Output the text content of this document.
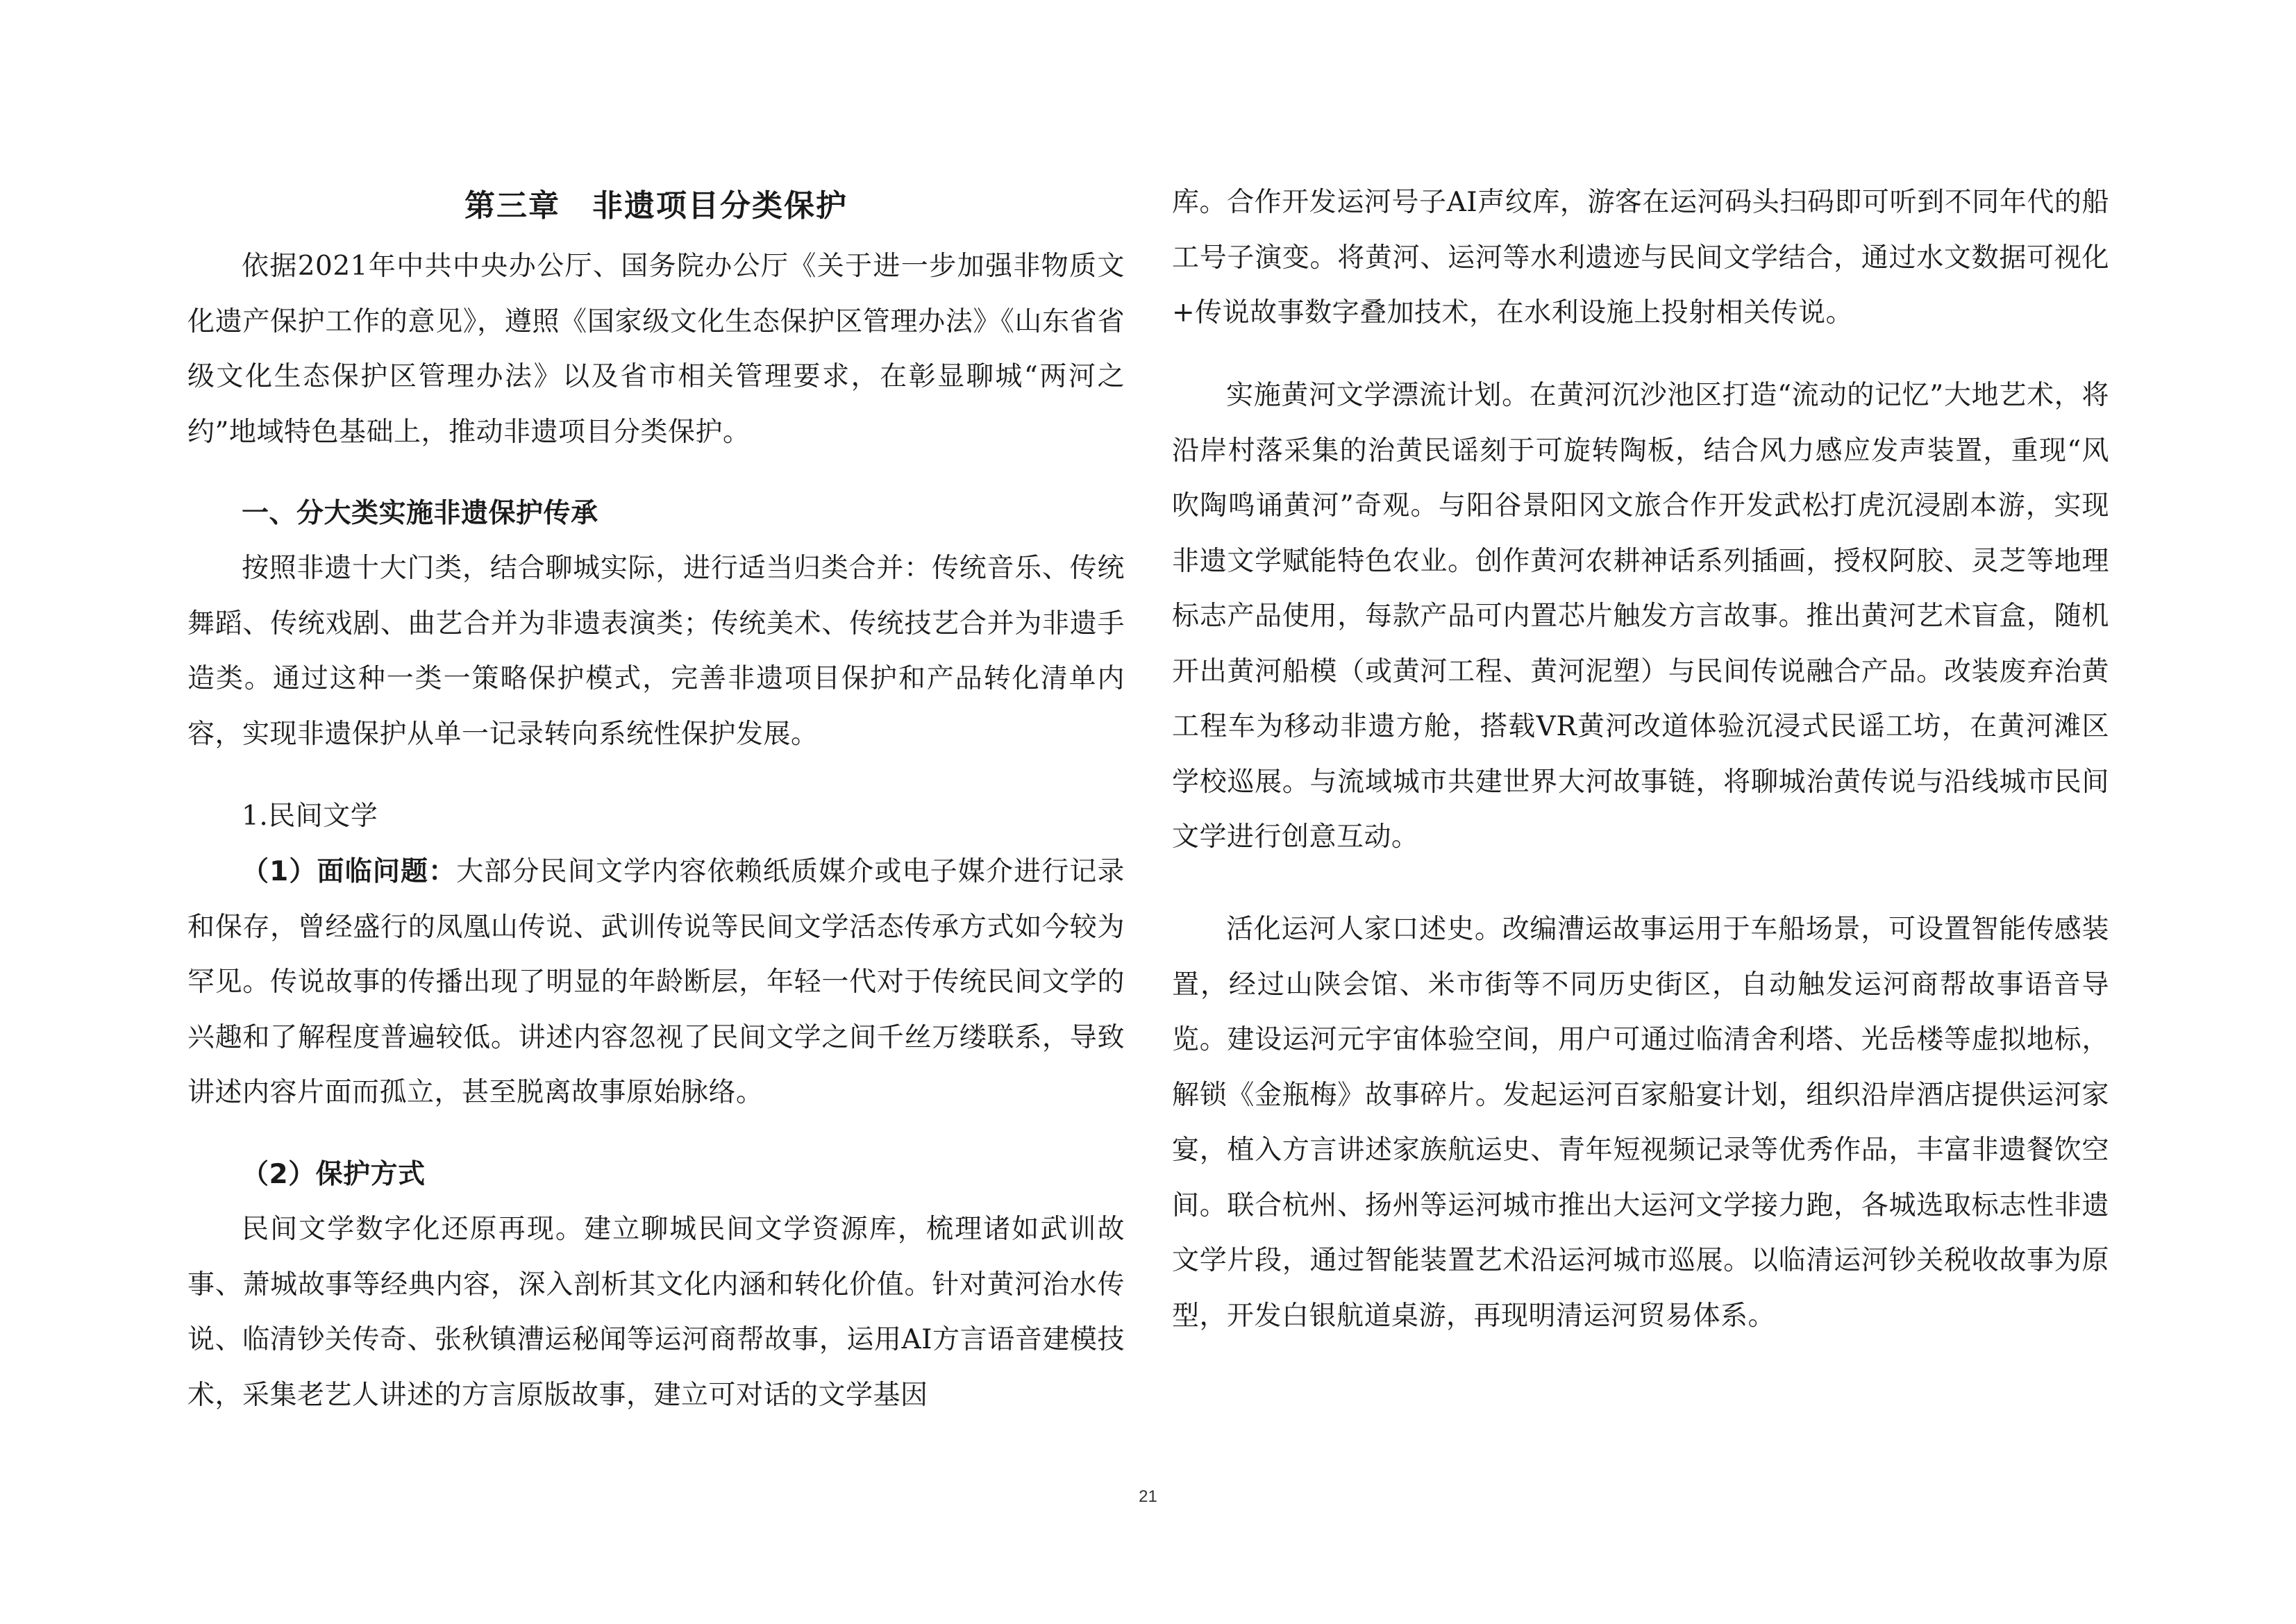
第三章　非遗项目分类保护

依据2021年中共中央办公厅、国务院办公厅《关于进一步加强非物质文化遗产保护工作的意见》，遵照《国家级文化生态保护区管理办法》《山东省省级文化生态保护区管理办法》以及省市相关管理要求，在彰显聊城“两河之约”地域特色基础上，推动非遗项目分类保护。

一、分大类实施非遗保护传承

按照非遗十大门类，结合聊城实际，进行适当归类合并：传统音乐、传统舞蹈、传统戏剧、曲艺合并为非遗表演类；传统美术、传统技艺合并为非遗手造类。通过这种一类一策略保护模式，完善非遗项目保护和产品转化清单内容，实现非遗保护从单一记录转向系统性保护发展。

1.民间文学

（1）面临问题：大部分民间文学内容依赖纸质媒介或电子媒介进行记录和保存，曾经盛行的凤凰山传说、武训传说等民间文学活态传承方式如今较为罕见。传说故事的传播出现了明显的年龄断层，年轻一代对于传统民间文学的兴趣和了解程度普遍较低。讲述内容忽视了民间文学之间千丝万缕联系，导致讲述内容片面而孤立，甚至脱离故事原始脉络。

（2）保护方式

民间文学数字化还原再现。建立聊城民间文学资源库，梳理诸如武训故事、萧城故事等经典内容，深入剖析其文化内涵和转化价值。针对黄河治水传说、临清钞关传奇、张秋镇漕运秘闻等运河商帮故事，运用AI方言语音建模技术，采集老艺人讲述的方言原版故事，建立可对话的文学基因

库。合作开发运河号子AI声纹库，游客在运河码头扫码即可听到不同年代的船工号子演变。将黄河、运河等水利遗迹与民间文学结合，通过水文数据可视化+传说故事数字叠加技术，在水利设施上投射相关传说。

实施黄河文学漂流计划。在黄河沉沙池区打造“流动的记忆”大地艺术，将沿岸村落采集的治黄民谣刻于可旋转陶板，结合风力感应发声装置，重现“风吹陶鸣诵黄河”奇观。与阳谷景阳冈文旅合作开发武松打虎沉浸剧本游，实现非遗文学赋能特色农业。创作黄河农耕神话系列插画，授权阿胶、灵芝等地理标志产品使用，每款产品可内置芯片触发方言故事。推出黄河艺术盲盒，随机开出黄河船模（或黄河工程、黄河泥塑）与民间传说融合产品。改装废弃治黄工程车为移动非遗方舱，搭载VR黄河改道体验沉浸式民谣工坊，在黄河滩区学校巡展。与流域城市共建世界大河故事链，将聊城治黄传说与沿线城市民间文学进行创意互动。

活化运河人家口述史。改编漕运故事运用于车船场景，可设置智能传感装置，经过山陕会馆、米市街等不同历史街区，自动触发运河商帮故事语音导览。建设运河元宇宙体验空间，用户可通过临清舍利塔、光岳楼等虚拟地标，解锁《金瓶梅》故事碎片。发起运河百家船宴计划，组织沿岸酒店提供运河家宴，植入方言讲述家族航运史、青年短视频记录等优秀作品，丰富非遗餐饮空间。联合杭州、扬州等运河城市推出大运河文学接力跑，各城选取标志性非遗文学片段，通过智能装置艺术沿运河城市巡展。以临清运河钞关税收故事为原型，开发白银航道桌游，再现明清运河贸易体系。

21
